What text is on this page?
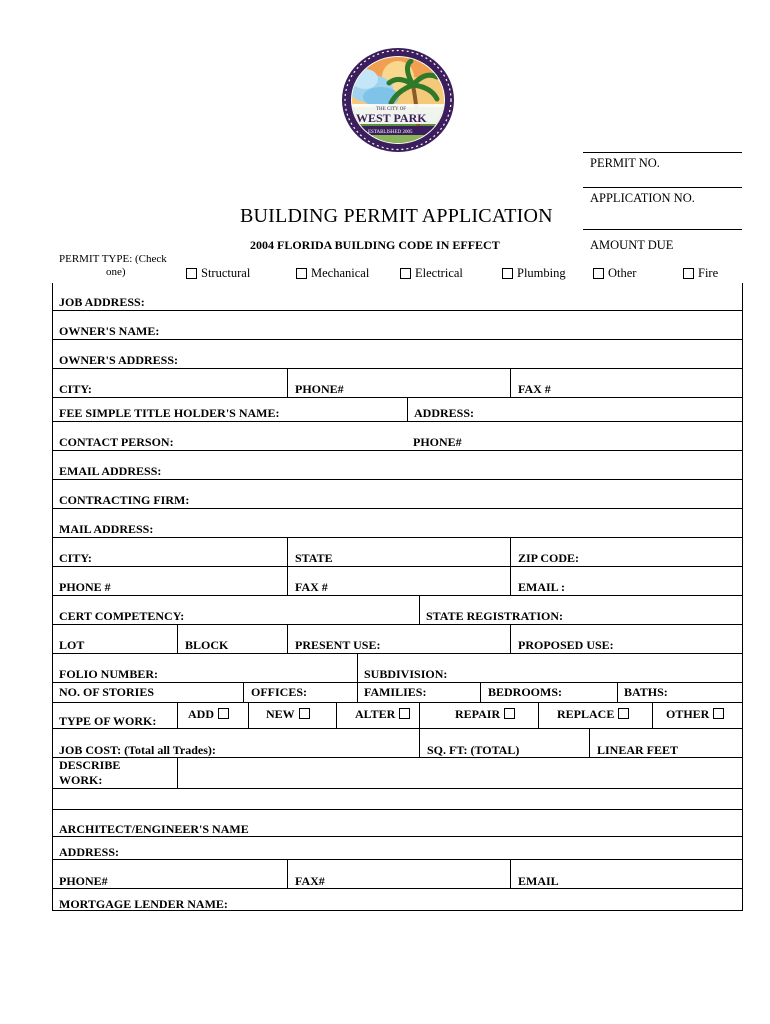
THE CITY OF
WEST PARK
ESTABLISHED 2005
PERMIT NO.
APPLICATION NO.
AMOUNT DUE
BUILDING PERMIT APPLICATION
2004 FLORIDA BUILDING CODE IN EFFECT
PERMIT TYPE: (Check
one)	Structural	Mechanical	Electrical	Plumbing	Other	Fire
JOB ADDRESS:
OWNER'S NAME:
OWNER'S ADDRESS:
CITY:	PHONE#	FAX #
FEE SIMPLE TITLE HOLDER'S NAME:	ADDRESS:
CONTACT PERSON:	PHONE#
EMAIL ADDRESS:
CONTRACTING FIRM:
MAIL ADDRESS:
CITY:	STATE	ZIP CODE:
PHONE #	FAX #	EMAIL :
CERT COMPETENCY:	STATE REGISTRATION:
LOT	BLOCK	PRESENT USE:	PROPOSED USE:
FOLIO NUMBER:	SUBDIVISION:
NO. OF STORIES	OFFICES:	FAMILIES:	BEDROOMS:	BATHS:
TYPE OF WORK:	ADD	NEW	ALTER	REPAIR	REPLACE	OTHER
JOB COST: (Total all Trades):	SQ. FT: (TOTAL)	LINEAR FEET
DESCRIBE
WORK:
ARCHITECT/ENGINEER'S NAME
ADDRESS:
PHONE#	FAX#	EMAIL
MORTGAGE LENDER NAME:
